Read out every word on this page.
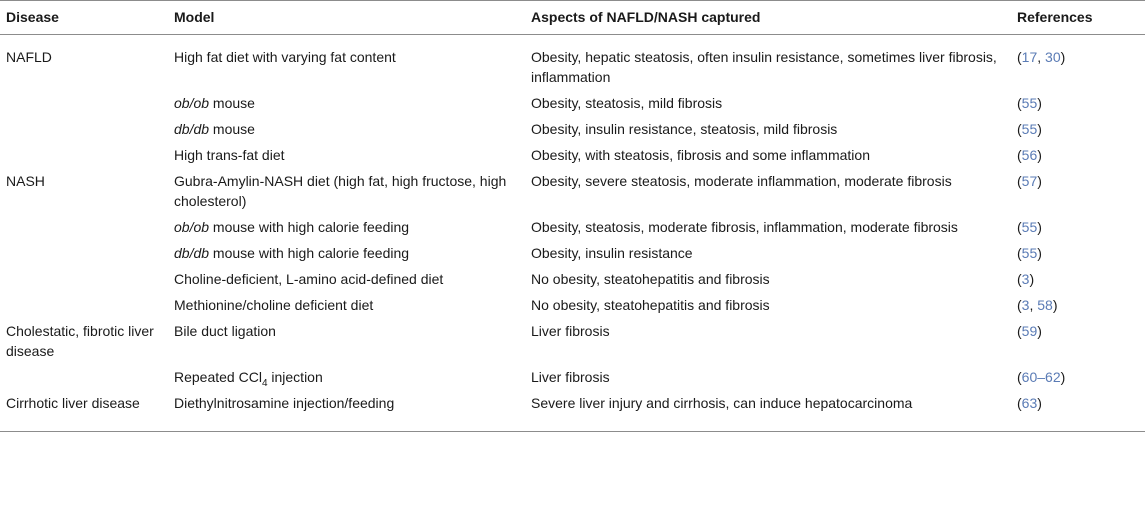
Disease	Model	Aspects of NAFLD/NASH captured	References
NAFLD	High fat diet with varying fat content	Obesity, hepatic steatosis, often insulin resistance, sometimes liver fibrosis, inflammation	(17, 30)
	ob/ob mouse	Obesity, steatosis, mild fibrosis	(55)
	db/db mouse	Obesity, insulin resistance, steatosis, mild fibrosis	(55)
	High trans-fat diet	Obesity, with steatosis, fibrosis and some inflammation	(56)
NASH	Gubra-Amylin-NASH diet (high fat, high fructose, high cholesterol)	Obesity, severe steatosis, moderate inflammation, moderate fibrosis	(57)
	ob/ob mouse with high calorie feeding	Obesity, steatosis, moderate fibrosis, inflammation, moderate fibrosis	(55)
	db/db mouse with high calorie feeding	Obesity, insulin resistance	(55)
	Choline-deficient, L-amino acid-defined diet	No obesity, steatohepatitis and fibrosis	(3)
	Methionine/choline deficient diet	No obesity, steatohepatitis and fibrosis	(3, 58)
Cholestatic, fibrotic liver disease	Bile duct ligation	Liver fibrosis	(59)
	Repeated CCl$_4$ injection	Liver fibrosis	(60–62)
Cirrhotic liver disease	Diethylnitrosamine injection/feeding	Severe liver injury and cirrhosis, can induce hepatocarcinoma	(63)
